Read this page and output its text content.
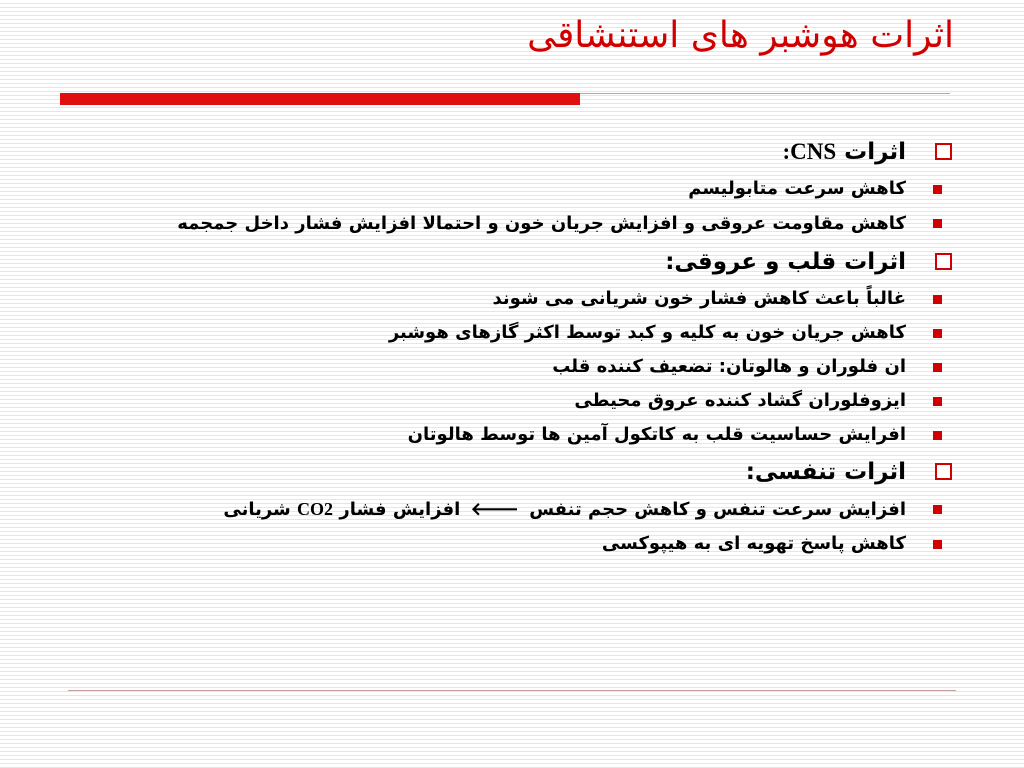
اثرات هوشبر های استنشاقی
اثرات CNS:
کاهش سرعت متابولیسم
کاهش مقاومت عروقی و افزایش جریان خون و احتمالا افزایش فشار داخل جمجمه
اثرات قلب و عروقی:
غالباً باعث کاهش فشار خون شریانی می شوند
کاهش جریان خون به کلیه و کبد توسط اکثر گازهای هوشبر
ان فلوران و هالوتان: تضعیف کننده قلب
ایزوفلوران گشاد کننده عروق محیطی
افرایش حساسیت قلب به کاتکول آمین ها توسط هالوتان
اثرات تنفسی:
افزایش سرعت تنفس و کاهش حجم تنفس 🡐 افزایش فشار CO2 شریانی
کاهش پاسخ تهویه ای به هیپوکسی
